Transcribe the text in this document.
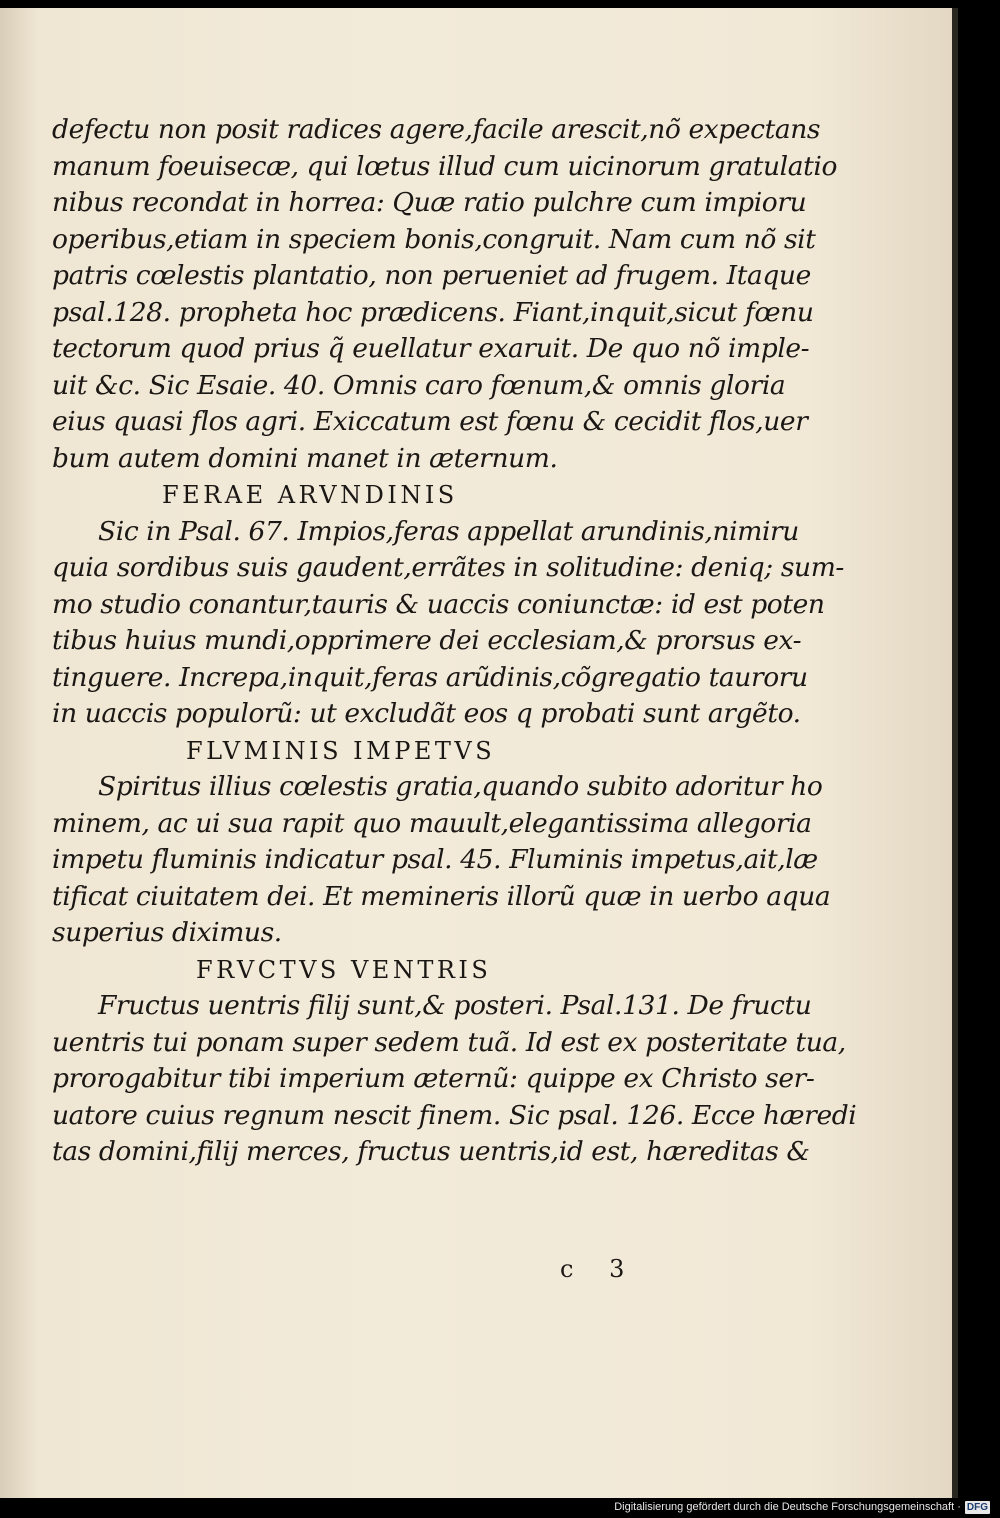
defectu non posit radices agere,facile arescit,nõ expectans
manum foeuisecæ, qui lœtus illud cum uicinorum gratulatio
nibus recondat in horrea: Quæ ratio pulchre cum impioru
operibus,etiam in speciem bonis,congruit. Nam cum nõ sit
patris cœlestis plantatio, non perueniet ad frugem. Itaque
psal.128. propheta hoc prædicens. Fiant,inquit,sicut fœnu
tectorum quod prius q̃ euellatur exaruit. De quo nõ imple-
uit &c. Sic Esaie. 40. Omnis caro fœnum,& omnis gloria
eius quasi flos agri. Exiccatum est fœnu & cecidit flos,uer
bum autem domini manet in æternum.
FERAE ARVNDINIS
Sic in Psal. 67. Impios,feras appellat arundinis,nimiru
quia sordibus suis gaudent,errãtes in solitudine: deniq; sum-
mo studio conantur,tauris & uaccis coniunctæ: id est poten
tibus huius mundi,opprimere dei ecclesiam,& prorsus ex-
tinguere. Increpa,inquit,feras arũdinis,cõgregatio tauroru
in uaccis populorũ: ut excludãt eos q probati sunt argẽto.
FLVMINIS IMPETVS
Spiritus illius cœlestis gratia,quando subito adoritur ho
minem, ac ui sua rapit quo mauult,elegantissima allegoria
impetu fluminis indicatur psal. 45. Fluminis impetus,ait,læ
tificat ciuitatem dei. Et memineris illorũ quæ in uerbo aqua
superius diximus.
FRVCTVS VENTRIS
Fructus uentris filij sunt,& posteri. Psal.131. De fructu
uentris tui ponam super sedem tuã. Id est ex posteritate tua,
prorogabitur tibi imperium æternũ: quippe ex Christo ser-
uatore cuius regnum nescit finem. Sic psal. 126. Ecce hæredi
tas domini,filij merces, fructus uentris,id est, hæreditas &
c 3
Digitalisierung gefördert durch die Deutsche Forschungsgemeinschaft · DFG
